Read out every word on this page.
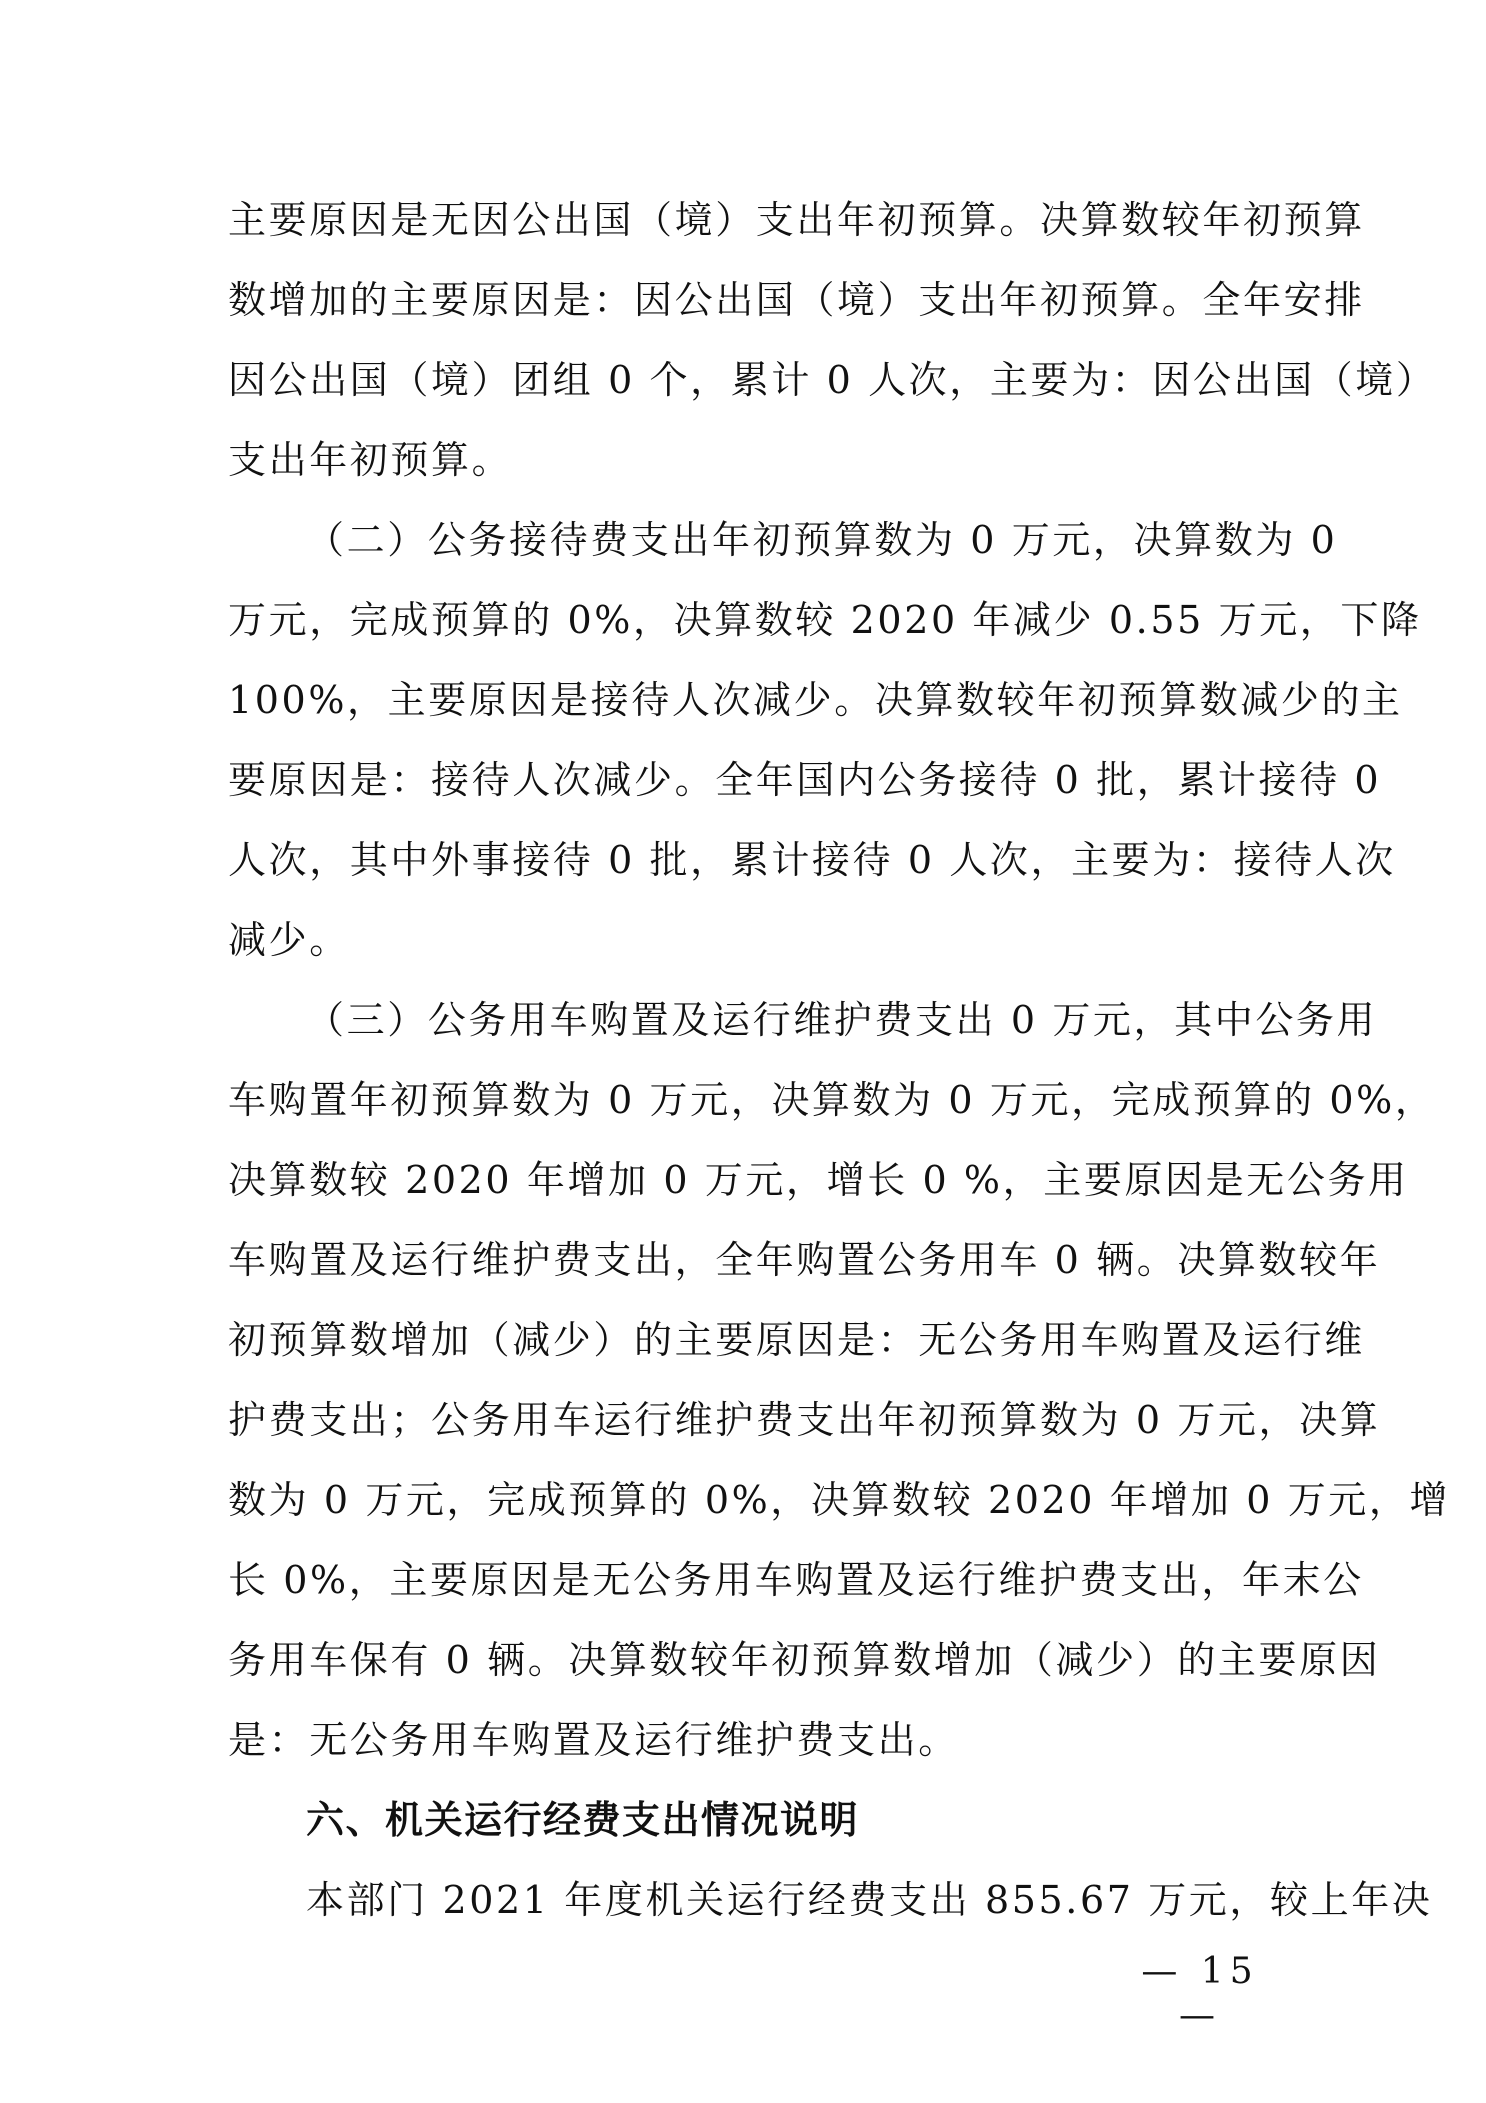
主要原因是无因公出国（境）支出年初预算。决算数较年初预算
数增加的主要原因是：因公出国（境）支出年初预算。全年安排
因公出国（境）团组 0 个，累计 0 人次，主要为：因公出国（境）
支出年初预算。
（二）公务接待费支出年初预算数为 0 万元，决算数为 0
万元，完成预算的 0%，决算数较 2020 年减少 0.55 万元，下降
100%，主要原因是接待人次减少。决算数较年初预算数减少的主
要原因是：接待人次减少。全年国内公务接待 0 批，累计接待 0
人次，其中外事接待 0 批，累计接待 0 人次，主要为：接待人次
减少。
（三）公务用车购置及运行维护费支出 0 万元，其中公务用
车购置年初预算数为 0 万元，决算数为 0 万元，完成预算的 0%，
决算数较 2020 年增加 0 万元，增长 0 %，主要原因是无公务用
车购置及运行维护费支出，全年购置公务用车 0 辆。决算数较年
初预算数增加（减少）的主要原因是：无公务用车购置及运行维
护费支出；公务用车运行维护费支出年初预算数为 0 万元，决算
数为 0 万元，完成预算的 0%，决算数较 2020 年增加 0 万元，增
长 0%，主要原因是无公务用车购置及运行维护费支出，年末公
务用车保有 0 辆。决算数较年初预算数增加（减少）的主要原因
是：无公务用车购置及运行维护费支出。
六、机关运行经费支出情况说明
本部门 2021 年度机关运行经费支出 855.67 万元，较上年决
— 15 —
